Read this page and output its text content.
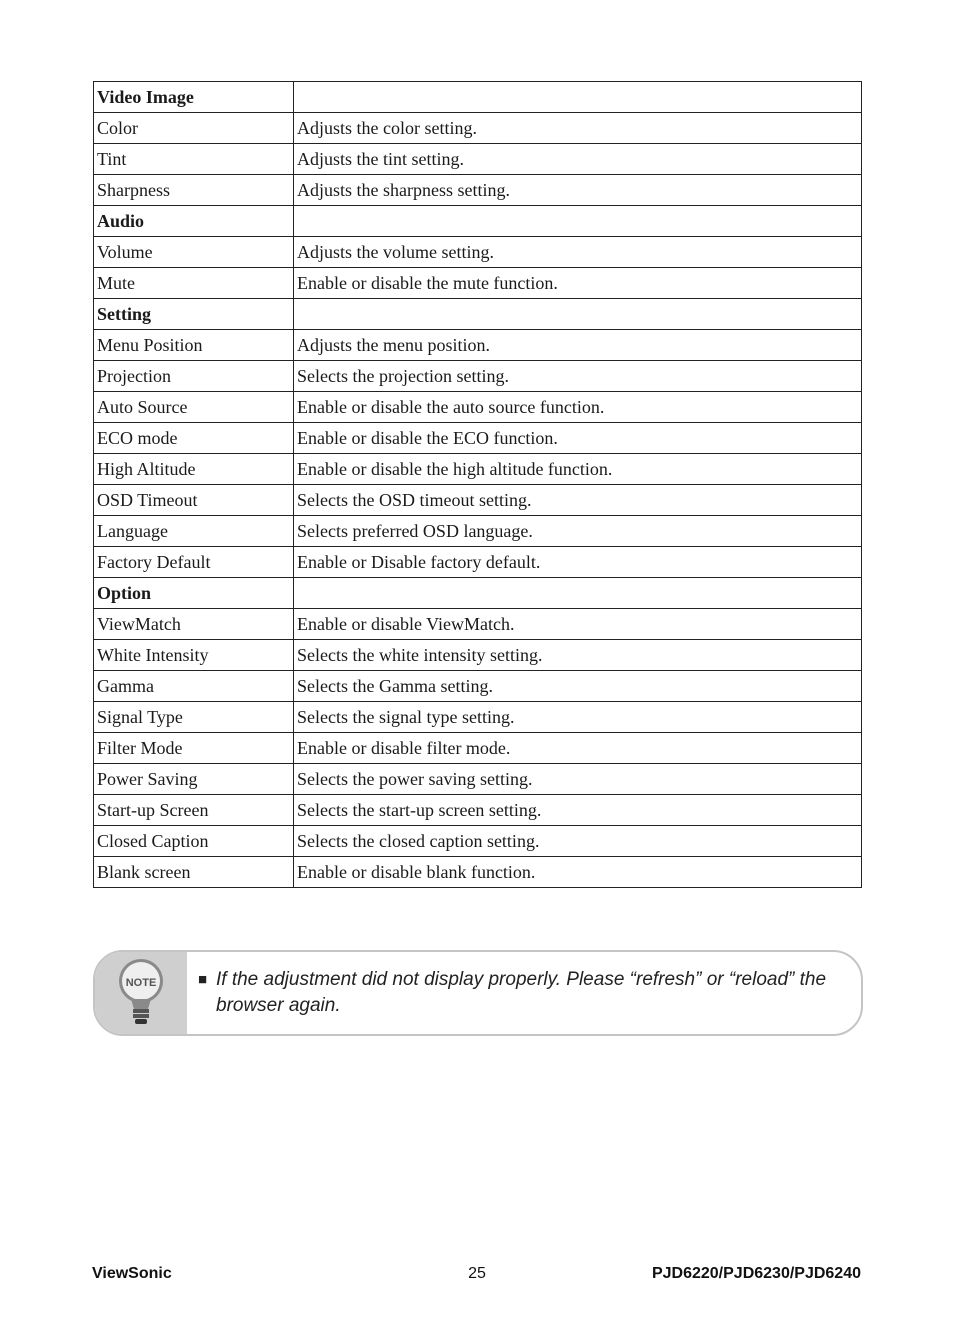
Video Image	
Color	Adjusts the color setting.
Tint	Adjusts the tint setting.
Sharpness	Adjusts the sharpness setting.
Audio	
Volume	Adjusts the volume setting.
Mute	Enable or disable the mute function.
Setting	
Menu Position	Adjusts the menu position.
Projection	Selects the projection setting.
Auto Source	Enable or disable the auto source function.
ECO mode	Enable or disable the ECO function.
High Altitude	Enable or disable the high altitude function.
OSD Timeout	Selects the OSD timeout setting.
Language	Selects preferred OSD language.
Factory Default	Enable or Disable factory default.
Option	
ViewMatch	Enable or disable ViewMatch.
White Intensity	Selects the white intensity setting.
Gamma	Selects the Gamma setting.
Signal Type	Selects the signal type setting.
Filter Mode	Enable or disable filter mode.
Power Saving	Selects the power saving setting.
Start-up Screen	Selects the start-up screen setting.
Closed Caption	Selects the closed caption setting.
Blank screen	Enable or disable blank function.
NOTE	■ If the adjustment did not display properly. Please “refresh” or “reload” the browser again.
ViewSonic	25	PJD6220/PJD6230/PJD6240
